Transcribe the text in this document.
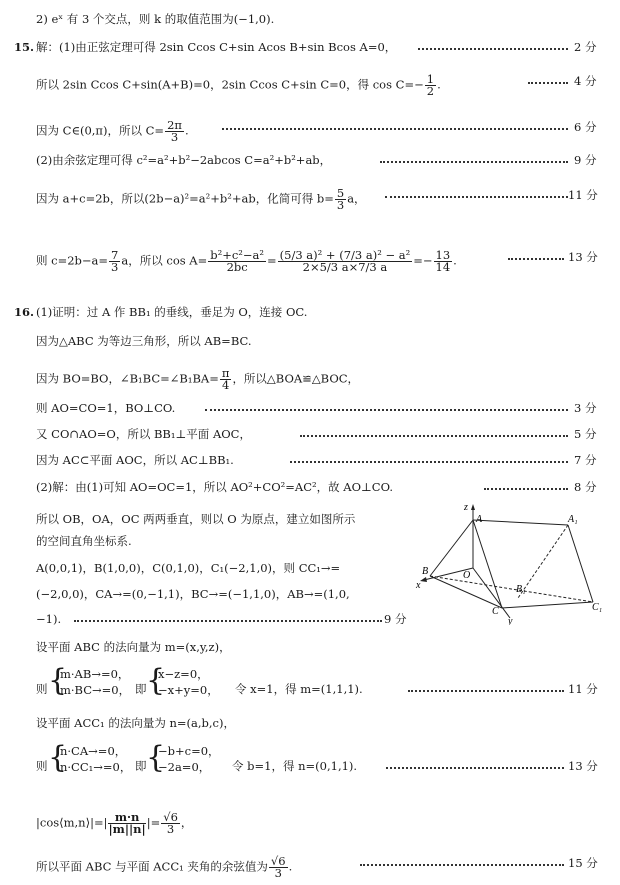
2) eˣ 有 3 个交点，则 k 的取值范围为(−1,0).
15. 解：(1)由正弦定理可得 2sin Ccos C+sin Acos B+sin Bcos A=0，	2 分
所以 2sin Ccos C+sin(A+B)=0，2sin Ccos C+sin C=0，得 $\cos C=- \frac{1}{2}$ .	4 分
因为 C∈(0,π)，所以 $C= \frac{2\pi}{3}$ .	6 分
(2)由余弦定理可得 c²=a²+b²−2abcos C=a²+b²+ab，	9 分
因为 a+c=2b，所以(2b−a)²=a²+b²+ab，化简可得 $b= \frac{5}{3}$ a，	11 分
则 $c=2b-a= \frac{7}{3}$ a，所以 $\cos A= \frac{\text{b²+c²−a²}}{2bc} = \frac{\text{(5/3 a)² + (7/3 a)² − a²}}{2\times 5/3 a\times 7/3 a} =- \frac{13}{14}$ .	13 分
16. (1)证明：过 A 作 BB₁ 的垂线，垂足为 O，连接 OC.
因为△ABC 为等边三角形，所以 AB=BC.
因为 BO=BO，∠B₁BC=∠B₁BA= $\frac{\pi}{4}$ ，所以△BOA≌△BOC，
则 AO=CO=1，BO⊥CO.	3 分
又 CO∩AO=O，所以 BB₁⊥平面 AOC，	5 分
因为 AC⊂平面 AOC，所以 AC⊥BB₁.	7 分
(2)解：由(1)可知 AO=OC=1，所以 AO²+CO²=AC²，故 AO⊥CO.	8 分
所以 OB，OA，OC 两两垂直，则以 O 为原点，建立如图所示
的空间直角坐标系.
A(0,0,1)，B(1,0,0)，C(0,1,0)，C₁(−2,1,0)，则 CC₁→=
(−2,0,0)，CA→=(0,−1,1)，BC→=(−1,1,0)，AB→=(1,0,
−1).	9 分
z
A	A₁
B
x
O
B₁
C
y
C₁
设平面 ABC 的法向量为 m=(x,y,z)，
则 {
m·AB→=0，
m·BC→=0， 即 {
x−z=0，
−x+y=0， 令 x=1，得 m=(1,1,1).	11 分
设平面 ACC₁ 的法向量为 n=(a,b,c)，
则 {
n·CA→=0，
n·CC₁→=0， 即 {
−b+c=0，
−2a=0，	令 b=1，得 n=(0,1,1).	13 分
|cos⟨m,n⟩|=| $\frac{m\cdot n}{|m||n|}$ |= $\frac{√6}{3}$ ，
所以平面 ABC 与平面 ACC₁ 夹角的余弦值为 $\frac{√6}{3}$ .	15 分
